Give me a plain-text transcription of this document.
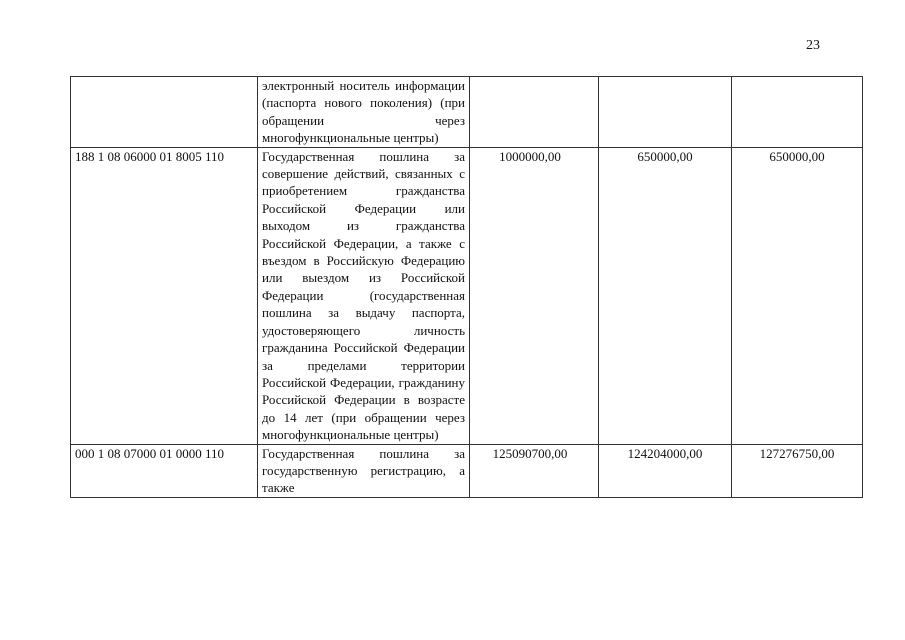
23
	электронный носитель информации (паспорта нового поколения) (при обращении через многофункциональные центры)			
188 1 08 06000 01 8005 110	Государственная пошлина за совершение действий, связанных с приобретением гражданства Российской Федерации или выходом из гражданства Российской Федерации, а также с въездом в Российскую Федерацию или выездом из Российской Федерации (государственная пошлина за выдачу паспорта, удостоверяющего личность гражданина Российской Федерации за пределами территории Российской Федерации, гражданину Российской Федерации в возрасте до 14 лет (при обращении через многофункциональные центры)	1000000,00	650000,00	650000,00
000 1 08 07000 01 0000 110	Государственная пошлина за государственную регистрацию, а также	125090700,00	124204000,00	127276750,00
